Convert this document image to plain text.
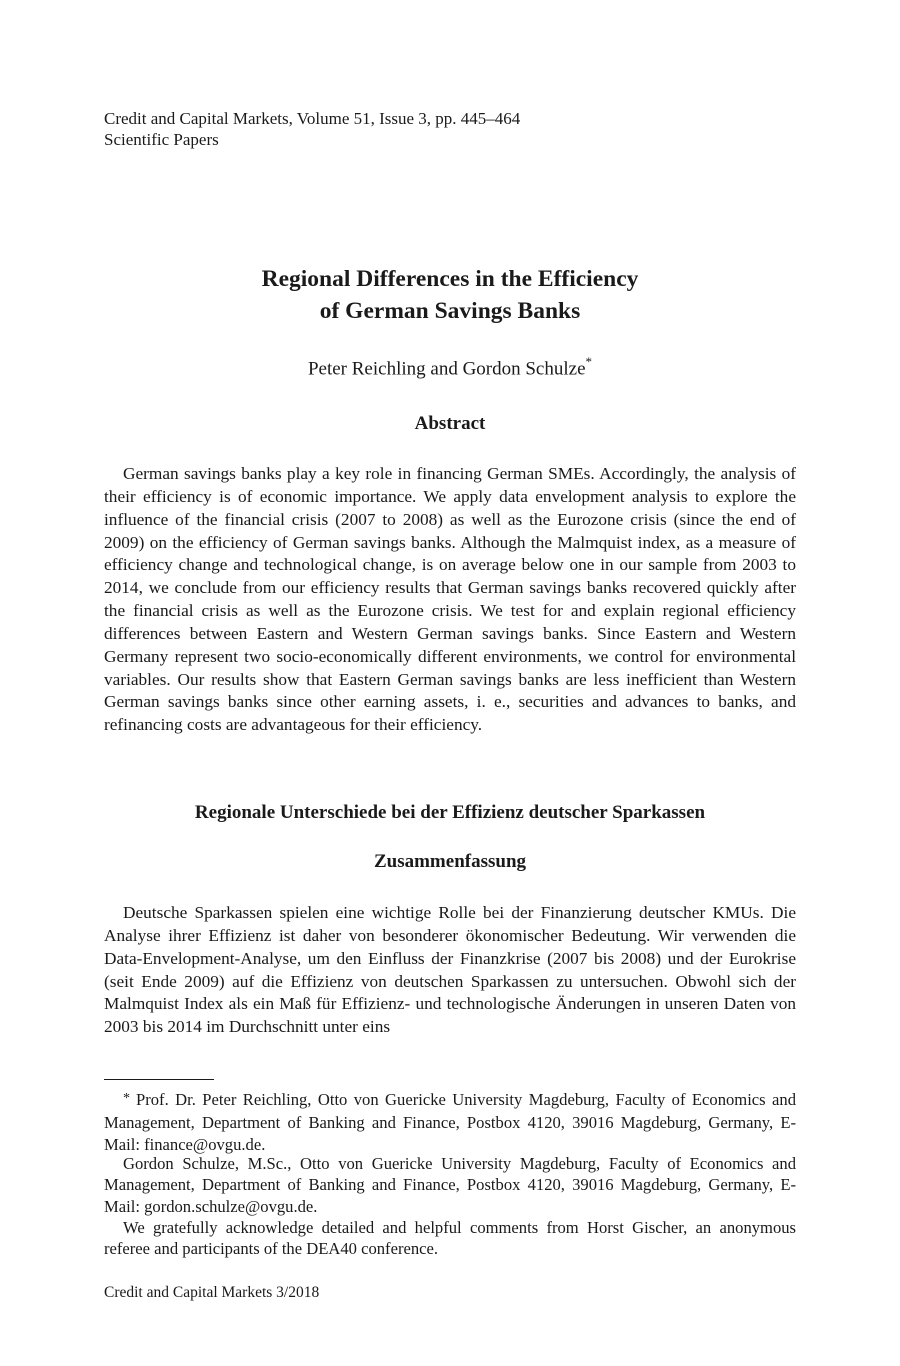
Credit and Capital Markets, Volume 51, Issue 3, pp. 445–464
Scientific Papers
Regional Differences in the Efficiency
of German Savings Banks
Peter Reichling and Gordon Schulze*
Abstract
German savings banks play a key role in financing German SMEs. Accordingly, the analysis of their efficiency is of economic importance. We apply data envelopment analysis to explore the influence of the financial crisis (2007 to 2008) as well as the Eurozone crisis (since the end of 2009) on the efficiency of German savings banks. Although the Malmquist index, as a measure of efficiency change and technological change, is on average below one in our sample from 2003 to 2014, we conclude from our efficiency results that German savings banks recovered quickly after the financial crisis as well as the Eurozone crisis. We test for and explain regional efficiency differences between Eastern and Western German savings banks. Since Eastern and Western Germany represent two socio-economically different environments, we control for environmental variables. Our results show that Eastern German savings banks are less inefficient than Western German savings banks since other earning assets, i. e., securities and advances to banks, and refinancing costs are advantageous for their efficiency.
Regionale Unterschiede bei der Effizienz deutscher Sparkassen
Zusammenfassung
Deutsche Sparkassen spielen eine wichtige Rolle bei der Finanzierung deutscher KMUs. Die Analyse ihrer Effizienz ist daher von besonderer ökonomischer Bedeutung. Wir verwenden die Data-Envelopment-Analyse, um den Einfluss der Finanzkrise (2007 bis 2008) und der Eurokrise (seit Ende 2009) auf die Effizienz von deutschen Sparkassen zu untersuchen. Obwohl sich der Malmquist Index als ein Maß für Effizienz- und technologische Änderungen in unseren Daten von 2003 bis 2014 im Durchschnitt unter eins
* Prof. Dr. Peter Reichling, Otto von Guericke University Magdeburg, Faculty of Economics and Management, Department of Banking and Finance, Postbox 4120, 39016 Magdeburg, Germany, E-Mail: finance@ovgu.de.
Gordon Schulze, M.Sc., Otto von Guericke University Magdeburg, Faculty of Economics and Management, Department of Banking and Finance, Postbox 4120, 39016 Magdeburg, Germany, E-Mail: gordon.schulze@ovgu.de.
We gratefully acknowledge detailed and helpful comments from Horst Gischer, an anonymous referee and participants of the DEA40 conference.
Credit and Capital Markets 3/2018
